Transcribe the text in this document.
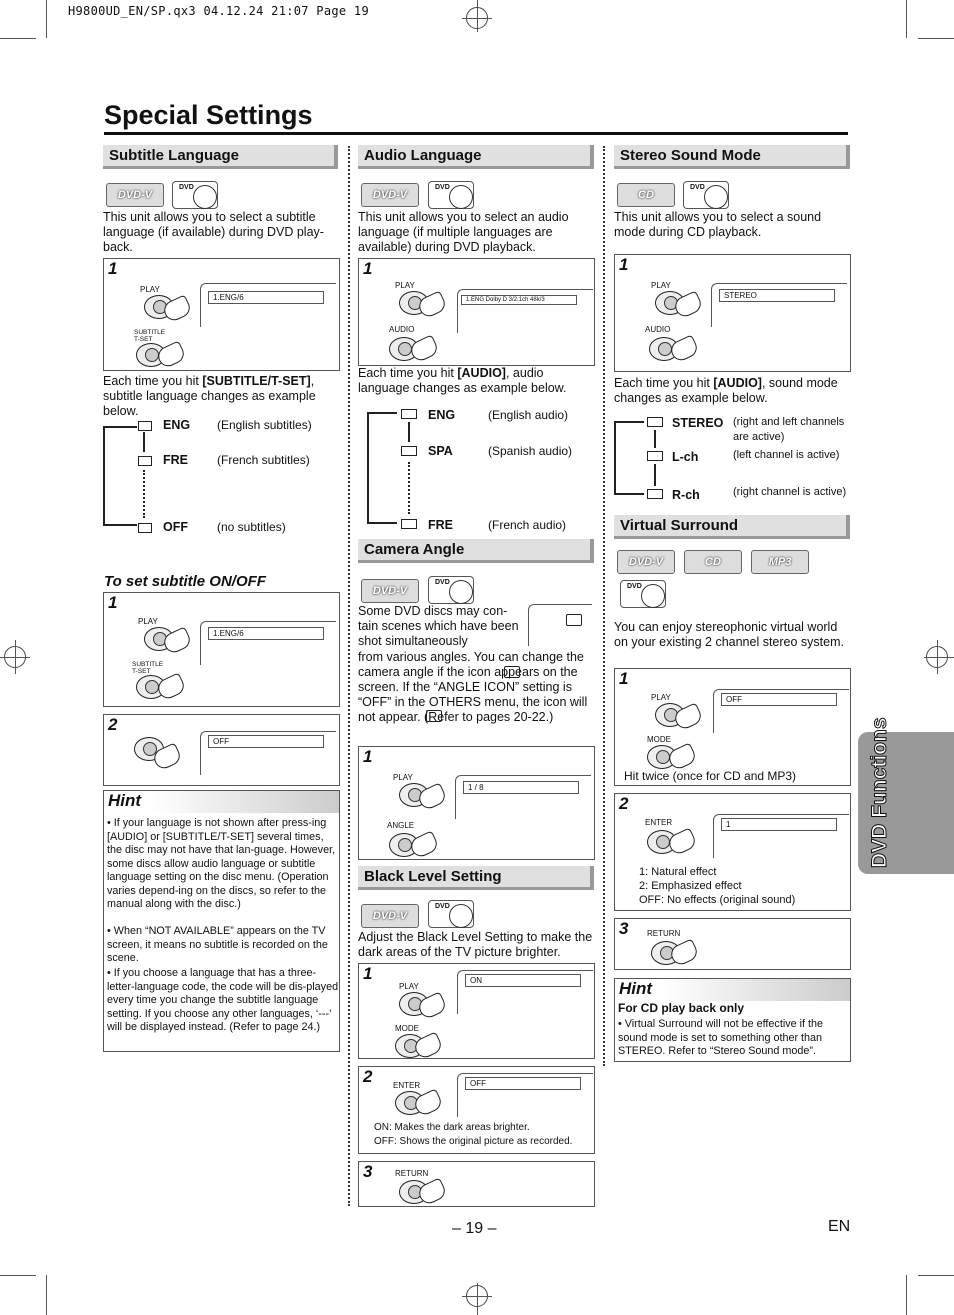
H9800UD_EN/SP.qx3 04.12.24 21:07 Page 19
Special Settings
DVD Functions
Subtitle Language
DVD-V
DVD
This unit allows you to select a subtitle language (if available) during DVD play-back.
1
PLAY
1.ENG/6
SUBTITLE T-SET
Each time you hit [SUBTITLE/T-SET], subtitle language changes as example below.
ENG (English subtitles)
FRE (French subtitles)
OFF (no subtitles)
To set subtitle ON/OFF
1
PLAY
1.ENG/6
SUBTITLE T-SET
2
OFF
Hint
• If your language is not shown after press-ing [AUDIO] or [SUBTITLE/T-SET] several times, the disc may not have that lan-guage. However, some discs allow audio language or subtitle language setting on the disc menu. (Operation varies depend-ing on the discs, so refer to the manual along with the disc.)
• When “NOT AVAILABLE” appears on the TV screen, it means no subtitle is recorded on the scene.
• If you choose a language that has a three-letter-language code, the code will be dis-played every time you change the subtitle language setting. If you choose any other languages, ‘---’ will be displayed instead. (Refer to page 24.)
Audio Language
DVD-V
DVD
This unit allows you to select an audio language (if multiple languages are available) during DVD playback.
1
PLAY
1.ENG Dolby D 3/2.1ch 48k/3
AUDIO
Each time you hit [AUDIO], audio language changes as example below.
ENG	(English audio)
SPA	(Spanish audio)
FRE	(French audio)
Camera Angle
DVD-V
DVD
Some DVD discs may con-tain scenes which have been shot simultaneously
from various angles. You can change the camera angle if the icon appears on the screen. If the “ANGLE ICON” setting is “OFF” in the OTHERS menu, the icon will not appear. (Refer to pages 20-22.)
1
PLAY
1 / 8
ANGLE
Black Level Setting
DVD-V
DVD
Adjust the Black Level Setting to make the dark areas of the TV picture brighter.
1
PLAY
ON
MODE
2	ENTER	OFF
ON: Makes the dark areas brighter.
OFF: Shows the original picture as recorded.
3	RETURN
Stereo Sound Mode
CD
DVD
This unit allows you to select a sound mode during CD playback.
1
PLAY
STEREO
AUDIO
Each time you hit [AUDIO], sound mode changes as example below.
STEREO (right and left channels are active)
L-ch	(left channel is active)
R-ch	(right channel is active)
Virtual Surround
DVD-V	CD	MP3
DVD
You can enjoy stereophonic virtual world on your existing 2 channel stereo system.
1
PLAY	OFF
MODE
Hit twice (once for CD and MP3)
2
ENTER	1
1: Natural effect
2: Emphasized effect
OFF: No effects (original sound)
3 RETURN
Hint
For CD play back only
• Virtual Surround will not be effective if the sound mode is set to something other than STEREO. Refer to “Stereo Sound mode”.
– 19 –	EN
